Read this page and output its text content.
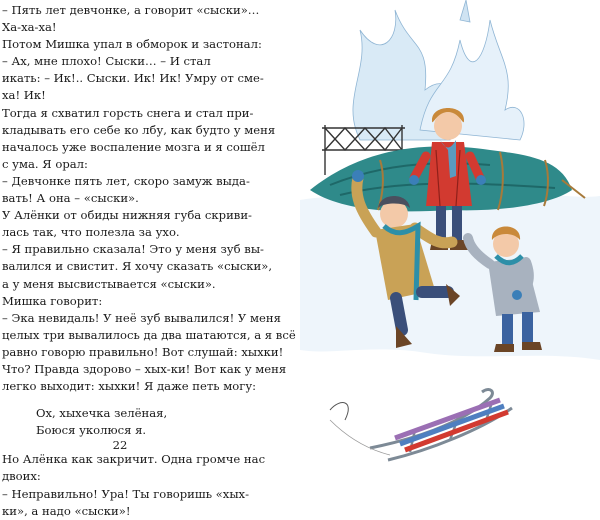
– Пять лет девчонке, а говорит «сыски»…

Ха-ха-ха!

Потом Мишка упал в обморок и застонал:

– Ах, мне плохо! Сыски… – И стал

икать: – Ик!.. Сыски. Ик! Ик! Умру от сме-

ха! Ик!

Тогда я схватил горсть снега и стал при-

кладывать его себе ко лбу, как будто у меня

началось уже воспаление мозга и я сошёл

с ума. Я орал:

– Девчонке пять лет, скоро замуж выда-

вать! А она – «сыски».

У Алёнки от обиды нижняя губа скриви-

лась так, что полезла за ухо.

– Я правильно сказала! Это у меня зуб вы-

валился и свистит. Я хочу сказать «сыски»,

а у меня высвистывается «сыски».

Мишка говорит:

– Эка невидаль! У неё зуб вывалился! У меня

целых три вывалилось да два шатаются, а я всё

равно говорю правильно! Вот слушай: хыхки!

Что? Правда здорово – хых-ки! Вот как у меня

легко выходит: хыхки! Я даже петь могу:

Ох, хыхечка зелёная,

Боюся уколюся я.

Но Алёнка как закричит. Одна громче нас

двоих:

– Неправильно! Ура! Ты говоришь «хых-

ки», а надо «сыски»!

22
